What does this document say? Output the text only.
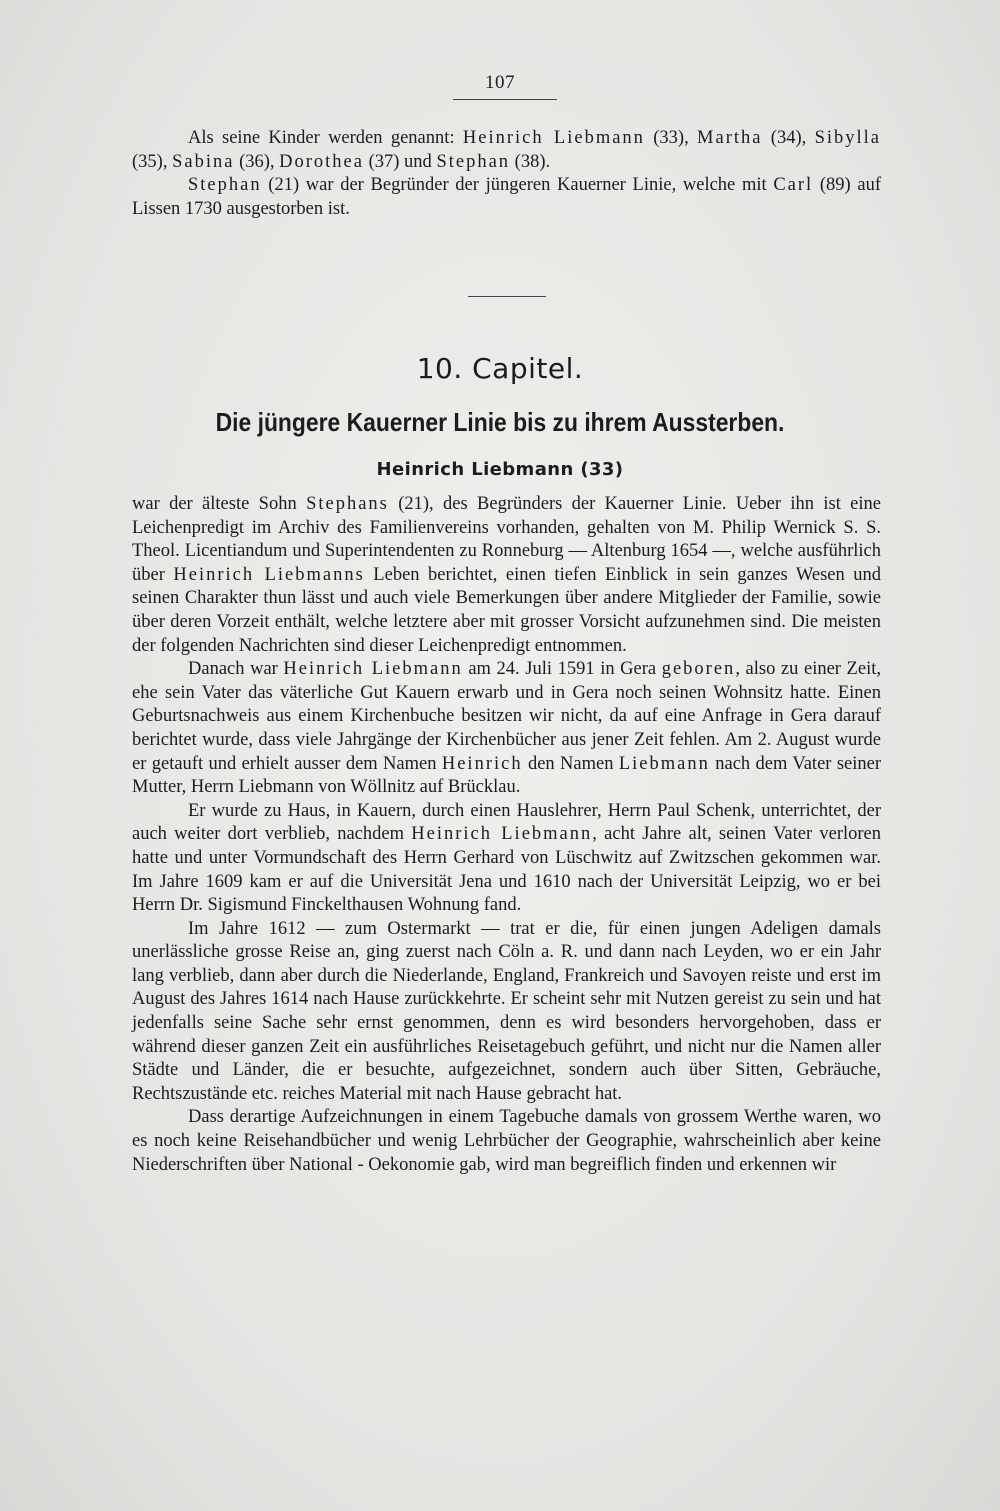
107

Als seine Kinder werden genannt: Heinrich Liebmann (33), Martha (34), Sibylla (35), Sabina (36), Dorothea (37) und Stephan (38).

Stephan (21) war der Begründer der jüngeren Kauerner Linie, welche mit Carl (89) auf Lissen 1730 ausgestorben ist.

10. Capitel.
Die jüngere Kauerner Linie bis zu ihrem Aussterben.
Heinrich Liebmann (33)

war der älteste Sohn Stephans (21), des Begründers der Kauerner Linie. Ueber ihn ist eine Leichenpredigt im Archiv des Familienvereins vorhanden, gehalten von M. Philip Wernick S. S. Theol. Licentiandum und Superintendenten zu Ronneburg — Altenburg 1654 —, welche ausführlich über Heinrich Liebmanns Leben berichtet, einen tiefen Einblick in sein ganzes Wesen und seinen Charakter thun lässt und auch viele Bemerkungen über andere Mitglieder der Familie, sowie über deren Vorzeit enthält, welche letztere aber mit grosser Vorsicht aufzunehmen sind. Die meisten der folgenden Nachrichten sind dieser Leichenpredigt entnommen.

Danach war Heinrich Liebmann am 24. Juli 1591 in Gera geboren, also zu einer Zeit, ehe sein Vater das väterliche Gut Kauern erwarb und in Gera noch seinen Wohnsitz hatte. Einen Geburtsnachweis aus einem Kirchenbuche besitzen wir nicht, da auf eine Anfrage in Gera darauf berichtet wurde, dass viele Jahrgänge der Kirchenbücher aus jener Zeit fehlen. Am 2. August wurde er getauft und erhielt ausser dem Namen Heinrich den Namen Liebmann nach dem Vater seiner Mutter, Herrn Liebmann von Wöllnitz auf Brücklau.

Er wurde zu Haus, in Kauern, durch einen Hauslehrer, Herrn Paul Schenk, unterrichtet, der auch weiter dort verblieb, nachdem Heinrich Liebmann, acht Jahre alt, seinen Vater verloren hatte und unter Vormundschaft des Herrn Gerhard von Lüschwitz auf Zwitzschen gekommen war. Im Jahre 1609 kam er auf die Universität Jena und 1610 nach der Universität Leipzig, wo er bei Herrn Dr. Sigismund Finckelthausen Wohnung fand.

Im Jahre 1612 — zum Ostermarkt — trat er die, für einen jungen Adeligen damals unerlässliche grosse Reise an, ging zuerst nach Cöln a. R. und dann nach Leyden, wo er ein Jahr lang verblieb, dann aber durch die Niederlande, England, Frankreich und Savoyen reiste und erst im August des Jahres 1614 nach Hause zurückkehrte. Er scheint sehr mit Nutzen gereist zu sein und hat jedenfalls seine Sache sehr ernst genommen, denn es wird besonders hervorgehoben, dass er während dieser ganzen Zeit ein ausführliches Reisetagebuch geführt, und nicht nur die Namen aller Städte und Länder, die er besuchte, aufgezeichnet, sondern auch über Sitten, Gebräuche, Rechtszustände etc. reiches Material mit nach Hause gebracht hat.

Dass derartige Aufzeichnungen in einem Tagebuche damals von grossem Werthe waren, wo es noch keine Reisehandbücher und wenig Lehrbücher der Geographie, wahrscheinlich aber keine Niederschriften über National - Oekonomie gab, wird man begreiflich finden und erkennen wir
